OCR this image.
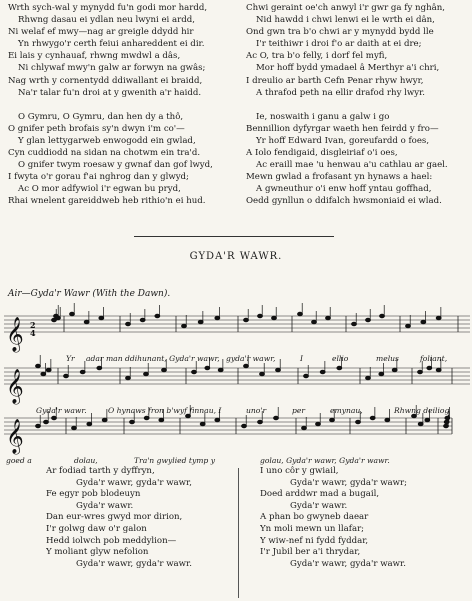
Wrth sych-wal y mynydd fu'n godi mor hardd,
Rhwng dasau ei ydlan neu lwyni ei ardd,
Ni welaf ef mwy—nag ar greigle ddydd hir
Yn rhwygo'r certh feiui anhareddent ei dir.
Ei lais y cynhauaf, rhwng mwdwl a dâs,
Ni chlywaf mwy'n galw ar forwyn na gwâs;
Nag wrth y cornentydd ddiwallant ei braidd,
Na'r talar fu'n droi at y gwenith a'r haidd.
O Gymru, O Gymru, dan hen dy a thô,
O gnifer peth brofais sy'n dwyn i'm co'—
Y glan lettygarweb enwogodd ein gwlad,
Cyn cuddiodd na sidan na chotwm ein tra'd.
O gnifer twym roesaw y gwnaf dan gof lwyd,
I fwyta o'r gorau f'ai nghrog dan y glwyd;
Ac O mor adfywiol i'r egwan bu pryd,
Rhai wnelent gareiddweb heb rithio'n ei hud.
Chwi geraint oe'ch anwyl i'r gwr ga fy nghân,
Nid hawdd i chwi lenwi ei le wrth ei dân,
Ond gwn tra b'o chwi ar y mynydd bydd lle
I'r teithiwr i droi f'o ar daith at ei dre;
Ac O, tra b'o felly, i dorf fel myfi,
Mor hoff bydd ymadael â Merthyr a'i chri,
I dreulio ar barth Cefn Penar rhyw hwyr,
A thrafod peth na ellir drafod rhy lwyr.
Ie, noswaith i ganu a galw i go
Bennillion dyfyrgar waeth hen feirdd y fro—
Yr hoff Edward Ivan, goreufardd o foes,
A Iolo fendigaid, disgleiriaf o'i oes,
Ac eraill mae 'u henwau a'u cathlau ar gael.
Mewn gwlad a frofasant yn hynaws a hael:
A gwneuthur o'i enw hoff yntau goffhad,
Oedd gynllun o ddifalch hwsmoniaid ei wlad.
GYDA'R WAWR.
Air—Gyda'r Wawr (With the Dawn).
𝄞
𝄞
𝄞
2
4
Yr adar man ddihunant, Gyda'r wawr, gyda'r wawr,	I	ellio	melus	foliant,
Gyda'r wawr.	O hynaws fron b'wyf finnau, I	uno'r	per	emynau,	Rhwng deiliog
goed a	dolau,	Tra'n gwylied tymp y	golau, Gyda'r wawr, Gyda'r wawr.
Ar fodiad tarth y dyffryn,
Gyda'r wawr, gyda'r wawr,
Fe egyr pob blodeuyn
Gyda'r wawr.
Dan eur-wres gwyd mor dirion,
I'r golwg daw o'r galon
Hedd iolwch pob meddylion—
Y moliant glyw nefolion
Gyda'r wawr, gyda'r wawr.
I uno côr y gwiail,
Gyda'r wawr, gyda'r wawr;
Doed arddwr mad a bugail,
Gyda'r wawr.
A phan bo gwyneb daear
Yn moli mewn un llafar;
Y wiw-nef ni fydd fyddar,
I'r Jubil ber a'i thrydar,
Gyda'r wawr, gyda'r wawr.
